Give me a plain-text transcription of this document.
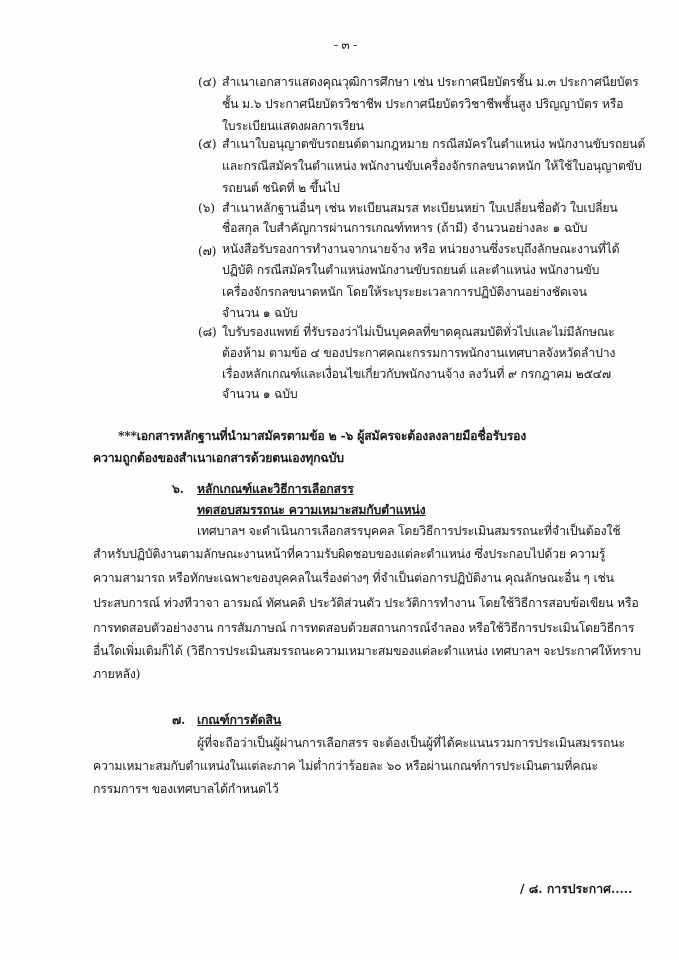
- ๓ -
(๔) สำเนาเอกสารแสดงคุณวุฒิการศึกษา เช่น ประกาศนียบัตรชั้น ม.๓ ประกาศนียบัตร
ชั้น ม.๖ ประกาศนียบัตรวิชาชีพ ประกาศนียบัตรวิชาชีพชั้นสูง ปริญญาบัตร หรือ
ใบระเบียนแสดงผลการเรียน
(๕) สำเนาใบอนุญาตขับรถยนต์ตามกฎหมาย กรณีสมัครในตำแหน่ง พนักงานขับรถยนต์
และกรณีสมัครในตำแหน่ง พนักงานขับเครื่องจักรกลขนาดหนัก ให้ใช้ใบอนุญาตขับ
รถยนต์ ชนิดที่ ๒ ขึ้นไป
(๖) สำเนาหลักฐานอื่นๆ เช่น ทะเบียนสมรส ทะเบียนหย่า ใบเปลี่ยนชื่อตัว ใบเปลี่ยน
ชื่อสกุล ใบสำคัญการผ่านการเกณฑ์ทหาร (ถ้ามี) จำนวนอย่างละ ๑ ฉบับ
(๗) หนังสือรับรองการทำงานจากนายจ้าง หรือ หน่วยงานซึ่งระบุถึงลักษณะงานที่ได้
ปฏิบัติ กรณีสมัครในตำแหน่งพนักงานขับรถยนต์ และตำแหน่ง พนักงานขับ
เครื่องจักรกลขนาดหนัก โดยให้ระบุระยะเวลาการปฏิบัติงานอย่างชัดเจน
จำนวน ๑ ฉบับ
(๘) ใบรับรองแพทย์ ที่รับรองว่าไม่เป็นบุคคลที่ขาดคุณสมบัติทั่วไปและไม่มีลักษณะ
ต้องห้าม ตามข้อ ๔ ของประกาศคณะกรรมการพนักงานเทศบาลจังหวัดลำปาง
เรื่องหลักเกณฑ์และเงื่อนไขเกี่ยวกับพนักงานจ้าง ลงวันที่ ๙ กรกฎาคม ๒๕๔๗
จำนวน ๑ ฉบับ
***เอกสารหลักฐานที่นำมาสมัครตามข้อ ๒ -๖ ผู้สมัครจะต้องลงลายมือชื่อรับรอง
ความถูกต้องของสำเนาเอกสารด้วยตนเองทุกฉบับ
๖. หลักเกณฑ์และวิธีการเลือกสรร
ทดสอบสมรรถนะ ความเหมาะสมกับตำแหน่ง
เทศบาลฯ จะดำเนินการเลือกสรรบุคคล โดยวิธีการประเมินสมรรถนะที่จำเป็นต้องใช้
สำหรับปฏิบัติงานตามลักษณะงานหน้าที่ความรับผิดชอบของแต่ละตำแหน่ง ซึ่งประกอบไปด้วย ความรู้
ความสามารถ หรือทักษะเฉพาะของบุคคลในเรื่องต่างๆ ที่จำเป็นต่อการปฏิบัติงาน คุณลักษณะอื่น ๆ เช่น
ประสบการณ์ ท่วงทีวาจา อารมณ์ ทัศนคติ ประวัติส่วนตัว ประวัติการทำงาน โดยใช้วิธีการสอบข้อเขียน หรือ
การทดสอบตัวอย่างงาน การสัมภาษณ์ การทดสอบด้วยสถานการณ์จำลอง หรือใช้วิธีการประเมินโดยวิธีการ
อื่นใดเพิ่มเติมก็ได้ (วิธีการประเมินสมรรถนะความเหมาะสมของแต่ละตำแหน่ง เทศบาลฯ จะประกาศให้ทราบ
ภายหลัง)
๗. เกณฑ์การตัดสิน
ผู้ที่จะถือว่าเป็นผู้ผ่านการเลือกสรร จะต้องเป็นผู้ที่ได้คะแนนรวมการประเมินสมรรถนะ
ความเหมาะสมกับตำแหน่งในแต่ละภาค ไม่ต่ำกว่าร้อยละ ๖๐ หรือผ่านเกณฑ์การประเมินตามที่คณะ
กรรมการฯ ของเทศบาลได้กำหนดไว้
/ ๘. การประกาศ.....
